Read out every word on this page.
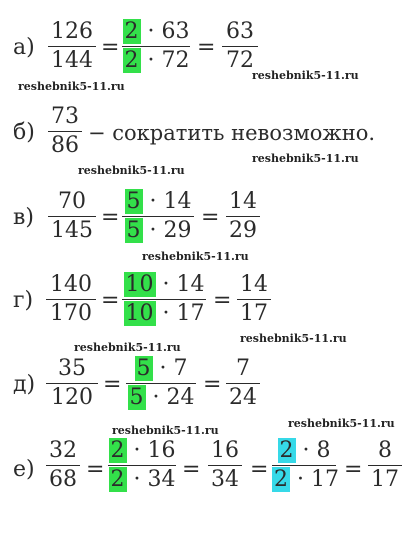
$а) \frac{126}{144} = \frac{2 \cdot 63}{2 \cdot 72} = \frac{63}{72}$
reshebnik5-11.ru
reshebnik5-11.ru
$б) \frac{73}{86}$ − сократить невозможно.
reshebnik5-11.ru
reshebnik5-11.ru
$в) \frac{70}{145} = \frac{5 \cdot 14}{5 \cdot 29} = \frac{14}{29}$
reshebnik5-11.ru
$г) \frac{140}{170} = \frac{10 \cdot 14}{10 \cdot 17} = \frac{14}{17}$
reshebnik5-11.ru
reshebnik5-11.ru
$д) \frac{35}{120} = \frac{5 \cdot 7}{5 \cdot 24} = \frac{7}{24}$
reshebnik5-11.ru
reshebnik5-11.ru
$е) \frac{32}{68} = \frac{2 \cdot 16}{2 \cdot 34} = \frac{16}{34} = \frac{2 \cdot 8}{2 \cdot 17} = \frac{8}{17}$
